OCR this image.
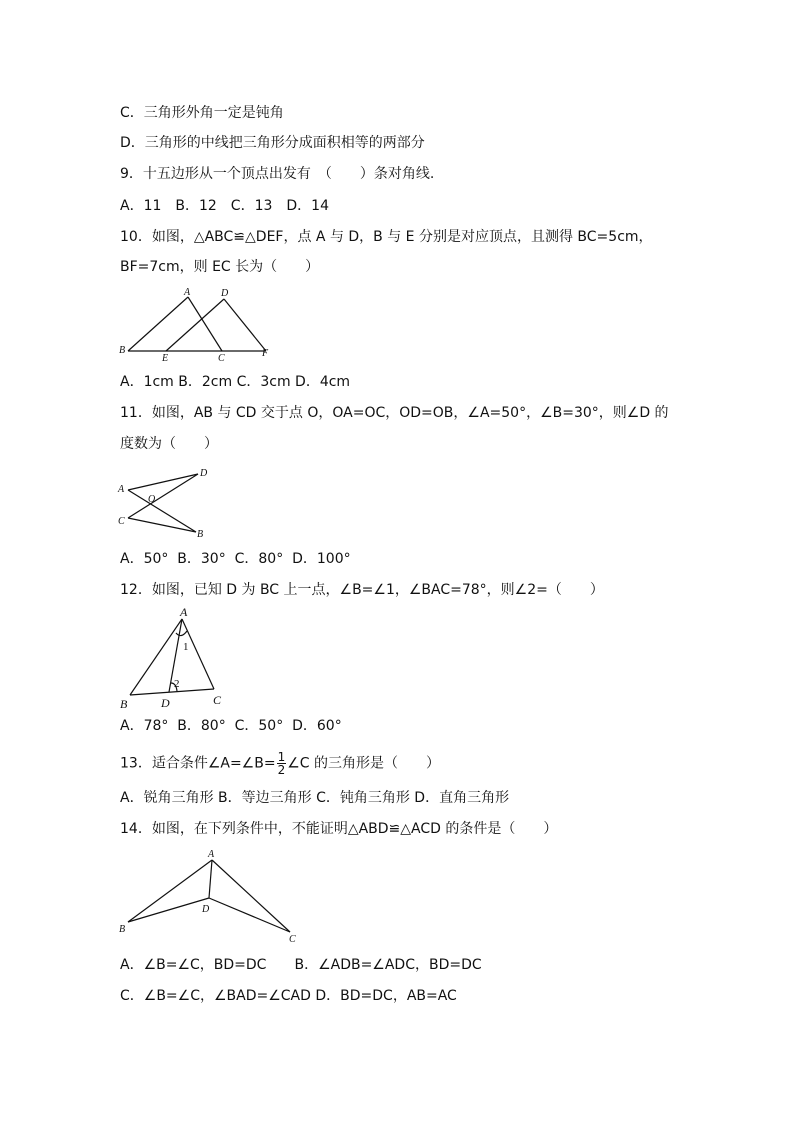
C．三角形外角一定是钝角
D．三角形的中线把三角形分成面积相等的两部分
9．十五边形从一个顶点出发有　（　　）条对角线.
A．11　B．12　C．13　D．14
10．如图，△ABC≌△DEF，点 A 与 D，B 与 E 分别是对应顶点，且测得 BC=5cm，
BF=7cm，则 EC 长为（　　）
A	D
B
E	C	F
A．1cm B．2cm C．3cm D．4cm
11．如图，AB 与 CD 交于点 O，OA=OC，OD=OB，∠A=50°，∠B=30°，则∠D 的
度数为（　　）
A
C
O
D
B
A．50°  B．30°  C．80°  D．100°
12．如图，已知 D 为 BC 上一点，∠B=∠1，∠BAC=78°，则∠2=（　　）
A
B	D	C
1
2
A．78°  B．80°  C．50°  D．60°
13．适合条件∠A=∠B= $\frac{1}{2}$ ∠C 的三角形是（　　）
A．锐角三角形 B．等边三角形 C．钝角三角形 D．直角三角形
14．如图，在下列条件中，不能证明△ABD≌△ACD 的条件是（　　）
A
B
D
C
A．∠B=∠C，BD=DC　　B．∠ADB=∠ADC，BD=DC
C．∠B=∠C，∠BAD=∠CAD D．BD=DC，AB=AC
